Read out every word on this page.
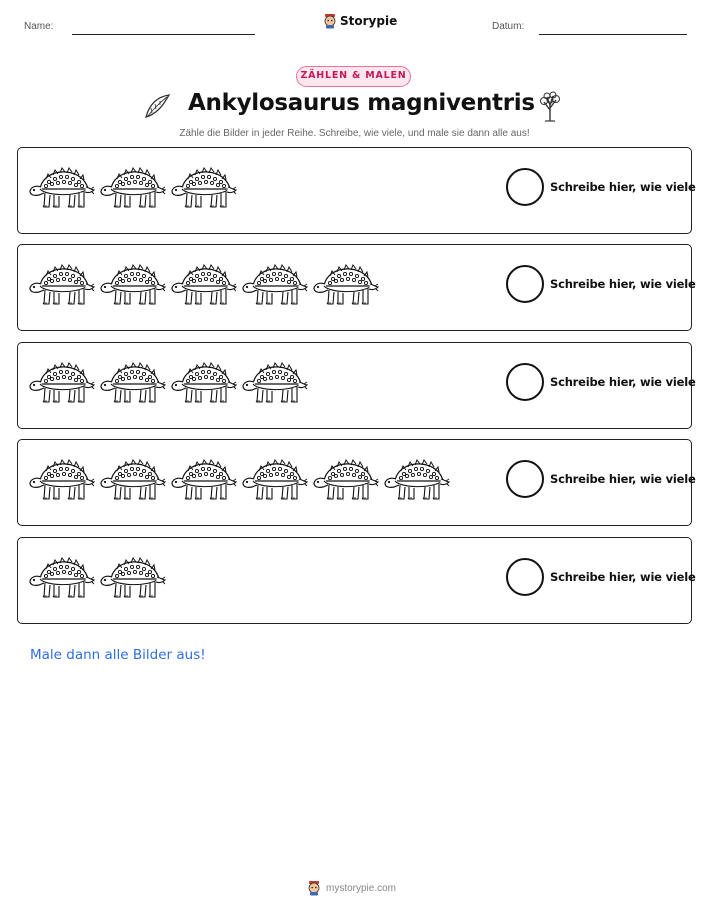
Name:	Storypie	Datum:
ZÄHLEN & MALEN
Ankylosaurus magniventris
Zähle die Bilder in jeder Reihe. Schreibe, wie viele, und male sie dann alle aus!
Schreibe hier, wie viele
Schreibe hier, wie viele
Schreibe hier, wie viele
Schreibe hier, wie viele
Schreibe hier, wie viele
Male dann alle Bilder aus!
mystorypie.com
